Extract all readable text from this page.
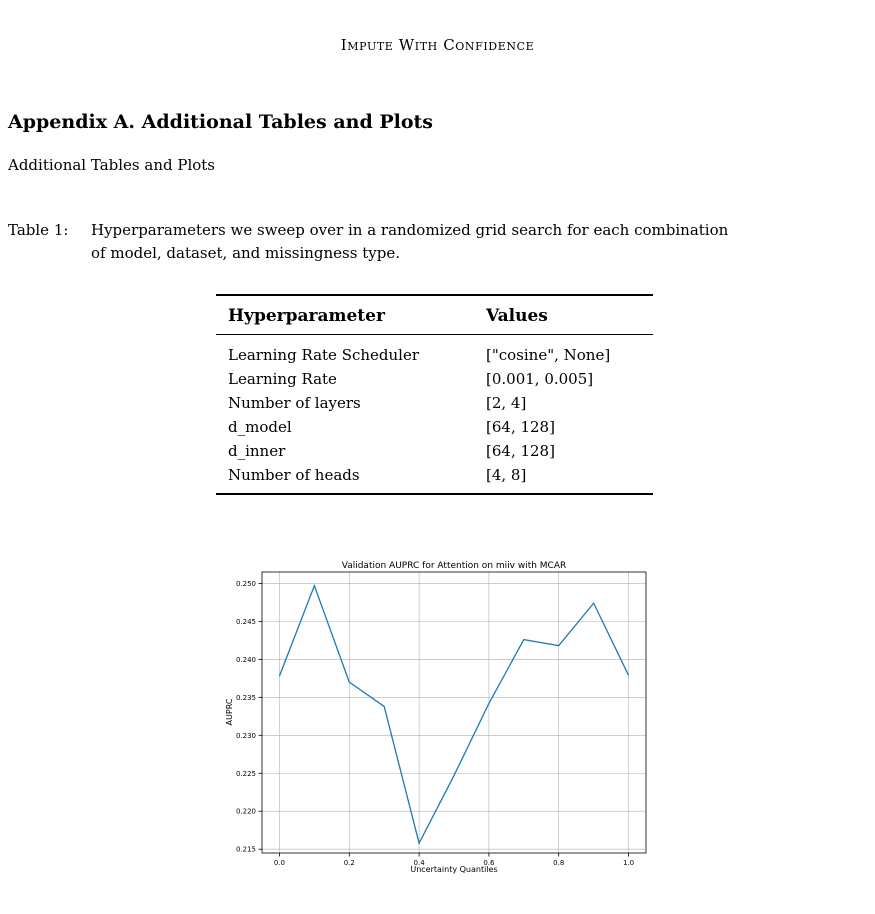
Impute With Confidence
Appendix A. Additional Tables and Plots
Additional Tables and Plots
Table 1: Hyperparameters we sweep over in a randomized grid search for each combination
of model, dataset, and missingness type.
Hyperparameter	Values
Learning Rate Scheduler	["cosine", None]
Learning Rate	[0.001, 0.005]
Number of layers	[2, 4]
d_model	[64, 128]
d_inner	[64, 128]
Number of heads	[4, 8]
Validation AUPRC for Attention on miiv with MCAR
0.0	0.2	0.4	0.6	0.8	1.0
0.215
0.220
0.225
0.230
0.235
0.240
0.245
0.250
Uncertainty Quantiles
AUPRC
